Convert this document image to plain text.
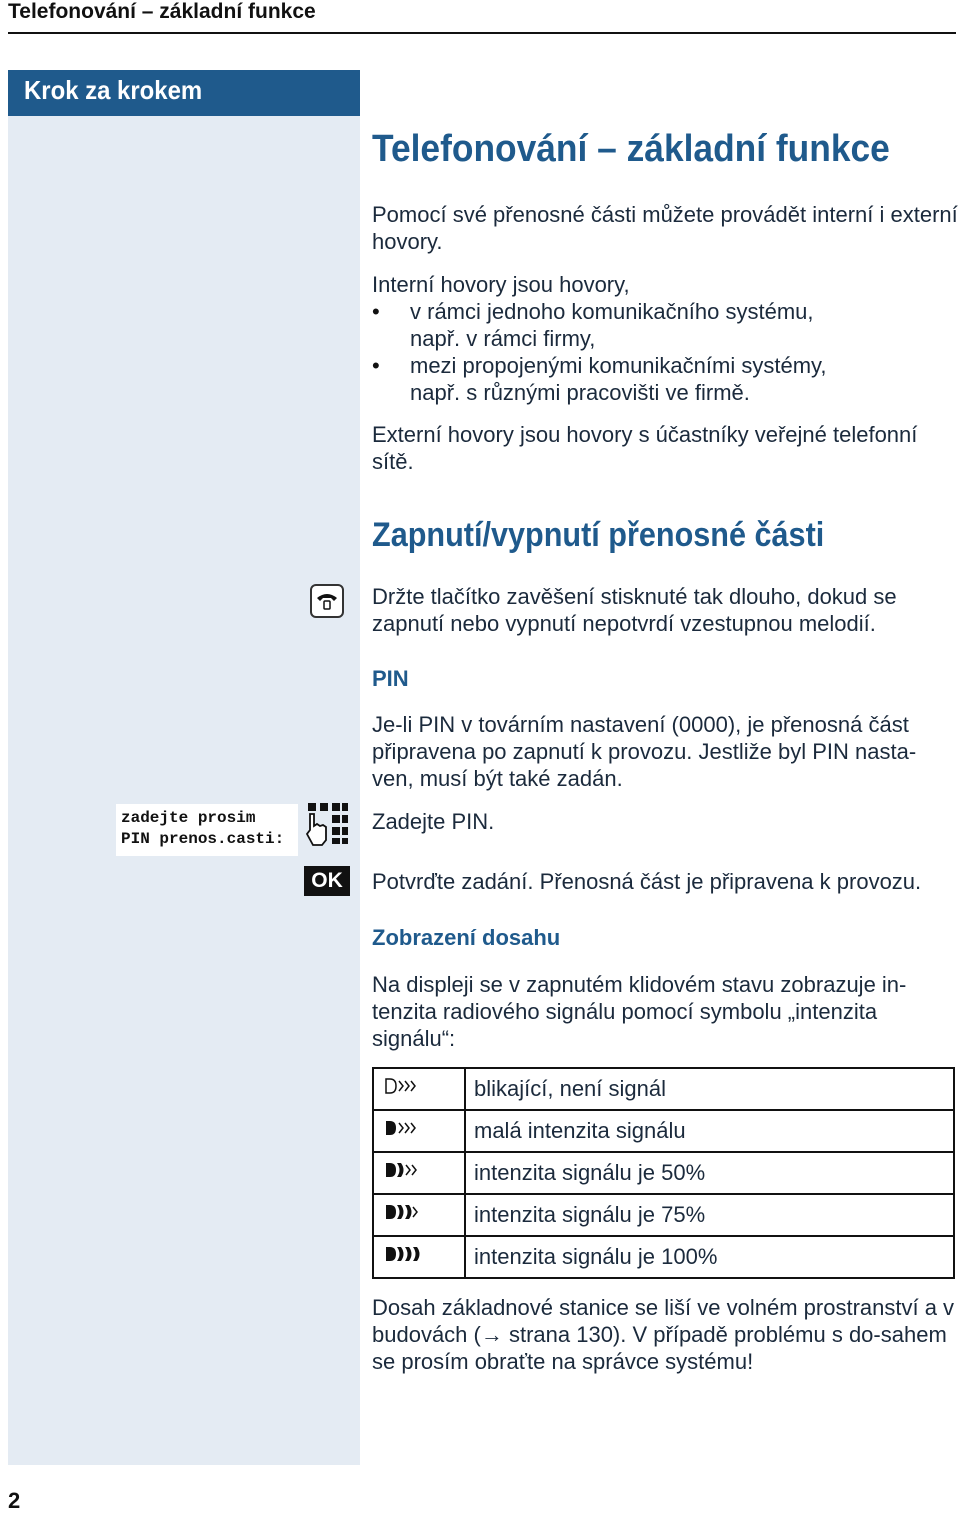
Telefonování – základní funkce
Krok za krokem
Telefonování – základní funkce
Pomocí své přenosné části můžete provádět interní i externí hovory.
Interní hovory jsou hovory,
• v rámci jednoho komunikačního systému,
např. v rámci firmy,
• mezi propojenými komunikačními systémy,
např. s různými pracovišti ve firmě.
Externí hovory jsou hovory s účastníky veřejné telefonní sítě.
Zapnutí/vypnutí přenosné části
Držte tlačítko zavěšení stisknuté tak dlouho, dokud se zapnutí nebo vypnutí nepotvrdí vzestupnou melodií.
PIN
Je-li PIN v továrním nastavení (0000), je přenosná část připravena po zapnutí k provozu. Jestliže byl PIN nasta-ven, musí být také zadán.
zadejte prosim
PIN prenos.casti:
Zadejte PIN.
OK	Potvrďte zadání. Přenosná část je připravena k provozu.
Zobrazení dosahu
Na displeji se v zapnutém klidovém stavu zobrazuje in-tenzita radiového signálu pomocí symbolu „intenzita signálu“:
	blikající, není signál
	malá intenzita signálu
	intenzita signálu je 50%
	intenzita signálu je 75%
	intenzita signálu je 100%
Dosah základnové stanice se liší ve volném prostranství a v budovách (→ strana 130). V případě problému s do-sahem se prosím obraťte na správce systému!
2
